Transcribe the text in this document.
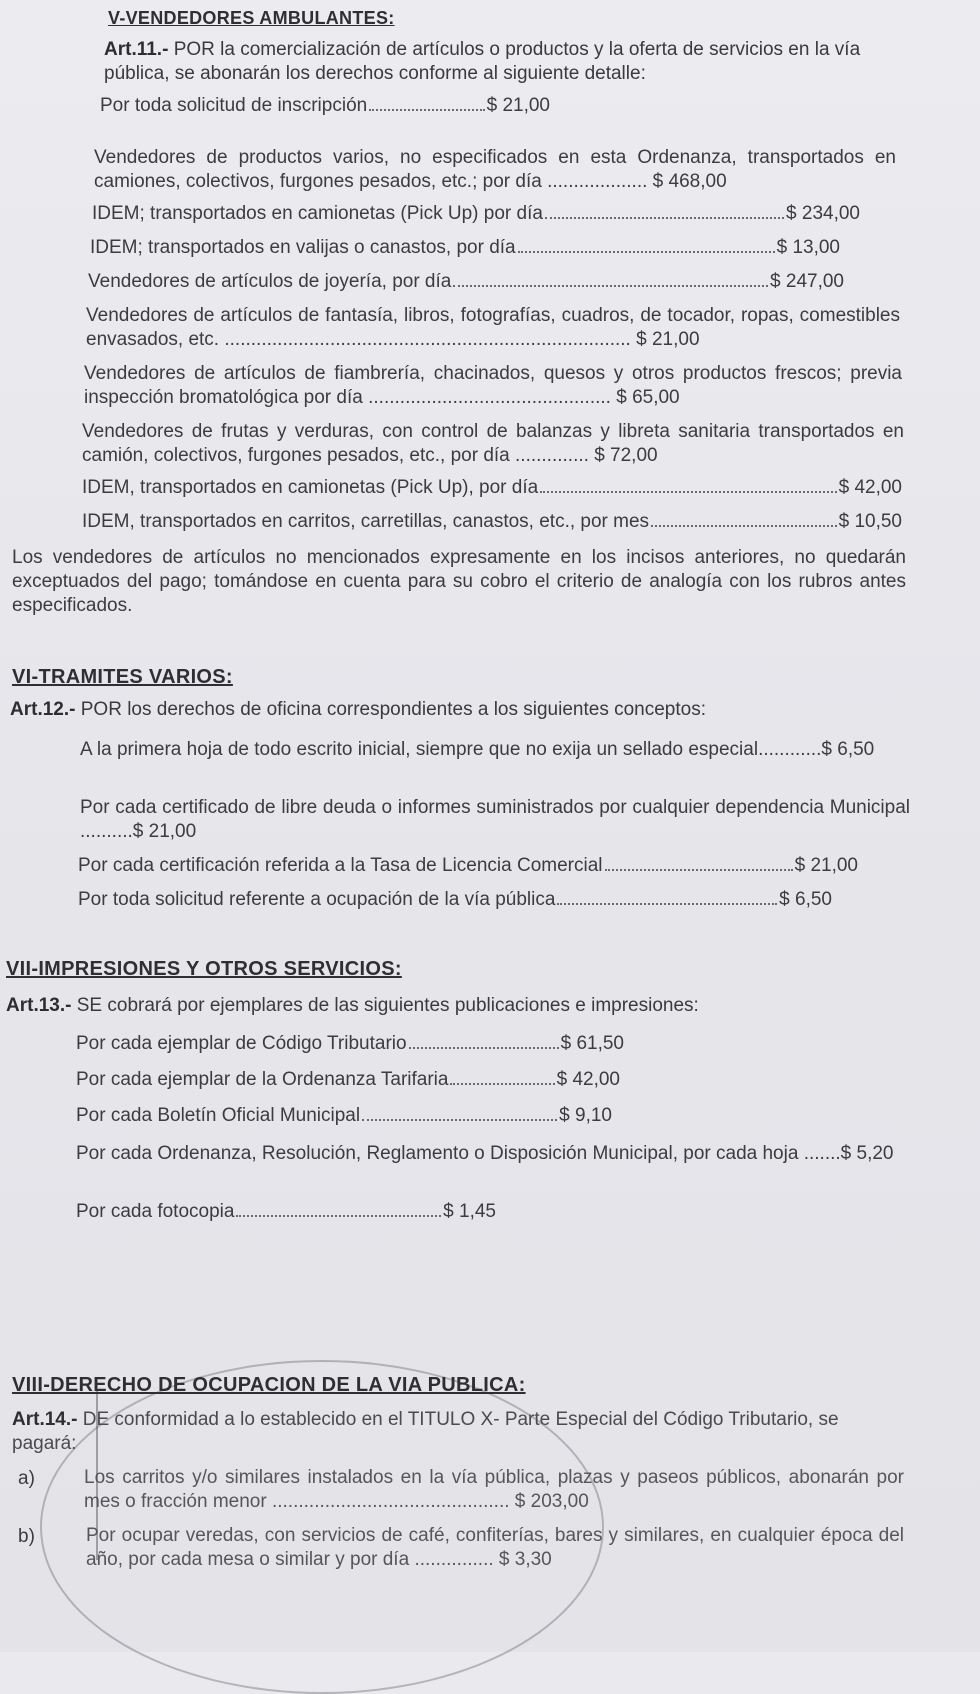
V-VENDEDORES AMBULANTES:

Art.11.- POR la comercialización de artículos o productos y la oferta de servicios en la vía pública, se abonarán los derechos conforme al siguiente detalle:
Por toda solicitud de inscripción	$ 21,00
Vendedores de productos varios, no especificados en esta Ordenanza, transportados en camiones, colectivos, furgones pesados, etc.; por día ................... $ 468,00
IDEM; transportados en camionetas (Pick Up) por día	$ 234,00
IDEM; transportados en valijas o canastos, por día	$ 13,00
Vendedores de artículos de joyería, por día	$ 247,00
Vendedores de artículos de fantasía, libros, fotografías, cuadros, de tocador, ropas, comestibles envasados, etc. ............................................................................. $ 21,00
Vendedores de artículos de fiambrería, chacinados, quesos y otros productos frescos; previa inspección bromatológica por día .............................................. $ 65,00
Vendedores de frutas y verduras, con control de balanzas y libreta sanitaria transportados en camión, colectivos, furgones pesados, etc., por día .............. $ 72,00
IDEM, transportados en camionetas (Pick Up), por día	$ 42,00
IDEM, transportados en carritos, carretillas, canastos, etc., por mes	$ 10,50
Los vendedores de artículos no mencionados expresamente en los incisos anteriores, no quedarán exceptuados del pago; tomándose en cuenta para su cobro el criterio de analogía con los rubros antes especificados.

VI-TRAMITES VARIOS:

Art.12.- POR los derechos de oficina correspondientes a los siguientes conceptos:
A la primera hoja de todo escrito inicial, siempre que no exija un sellado especial............$ 6,50
Por cada certificado de libre deuda o informes suministrados por cualquier dependencia Municipal ..........$ 21,00
Por cada certificación referida a la Tasa de Licencia Comercial	$ 21,00
Por toda solicitud referente a ocupación de la vía pública	$ 6,50

VII-IMPRESIONES Y OTROS SERVICIOS:

Art.13.- SE cobrará por ejemplares de las siguientes publicaciones e impresiones:
Por cada ejemplar de Código Tributario	$ 61,50
Por cada ejemplar de la Ordenanza Tarifaria	$ 42,00
Por cada Boletín Oficial Municipal	$ 9,10
Por cada Ordenanza, Resolución, Reglamento o Disposición Municipal, por cada hoja .......$ 5,20
Por cada fotocopia	$ 1,45

VIII-DERECHO DE OCUPACION DE LA VIA PUBLICA:

Art.14.- DE conformidad a lo establecido en el TITULO X- Parte Especial del Código Tributario, se pagará:
a)	Los carritos y/o similares instalados en la vía pública, plazas y paseos públicos, abonarán por mes o fracción menor ............................................. $ 203,00
b)	Por ocupar veredas, con servicios de café, confiterías, bares y similares, en cualquier época del año, por cada mesa o similar y por día ............... $ 3,30
